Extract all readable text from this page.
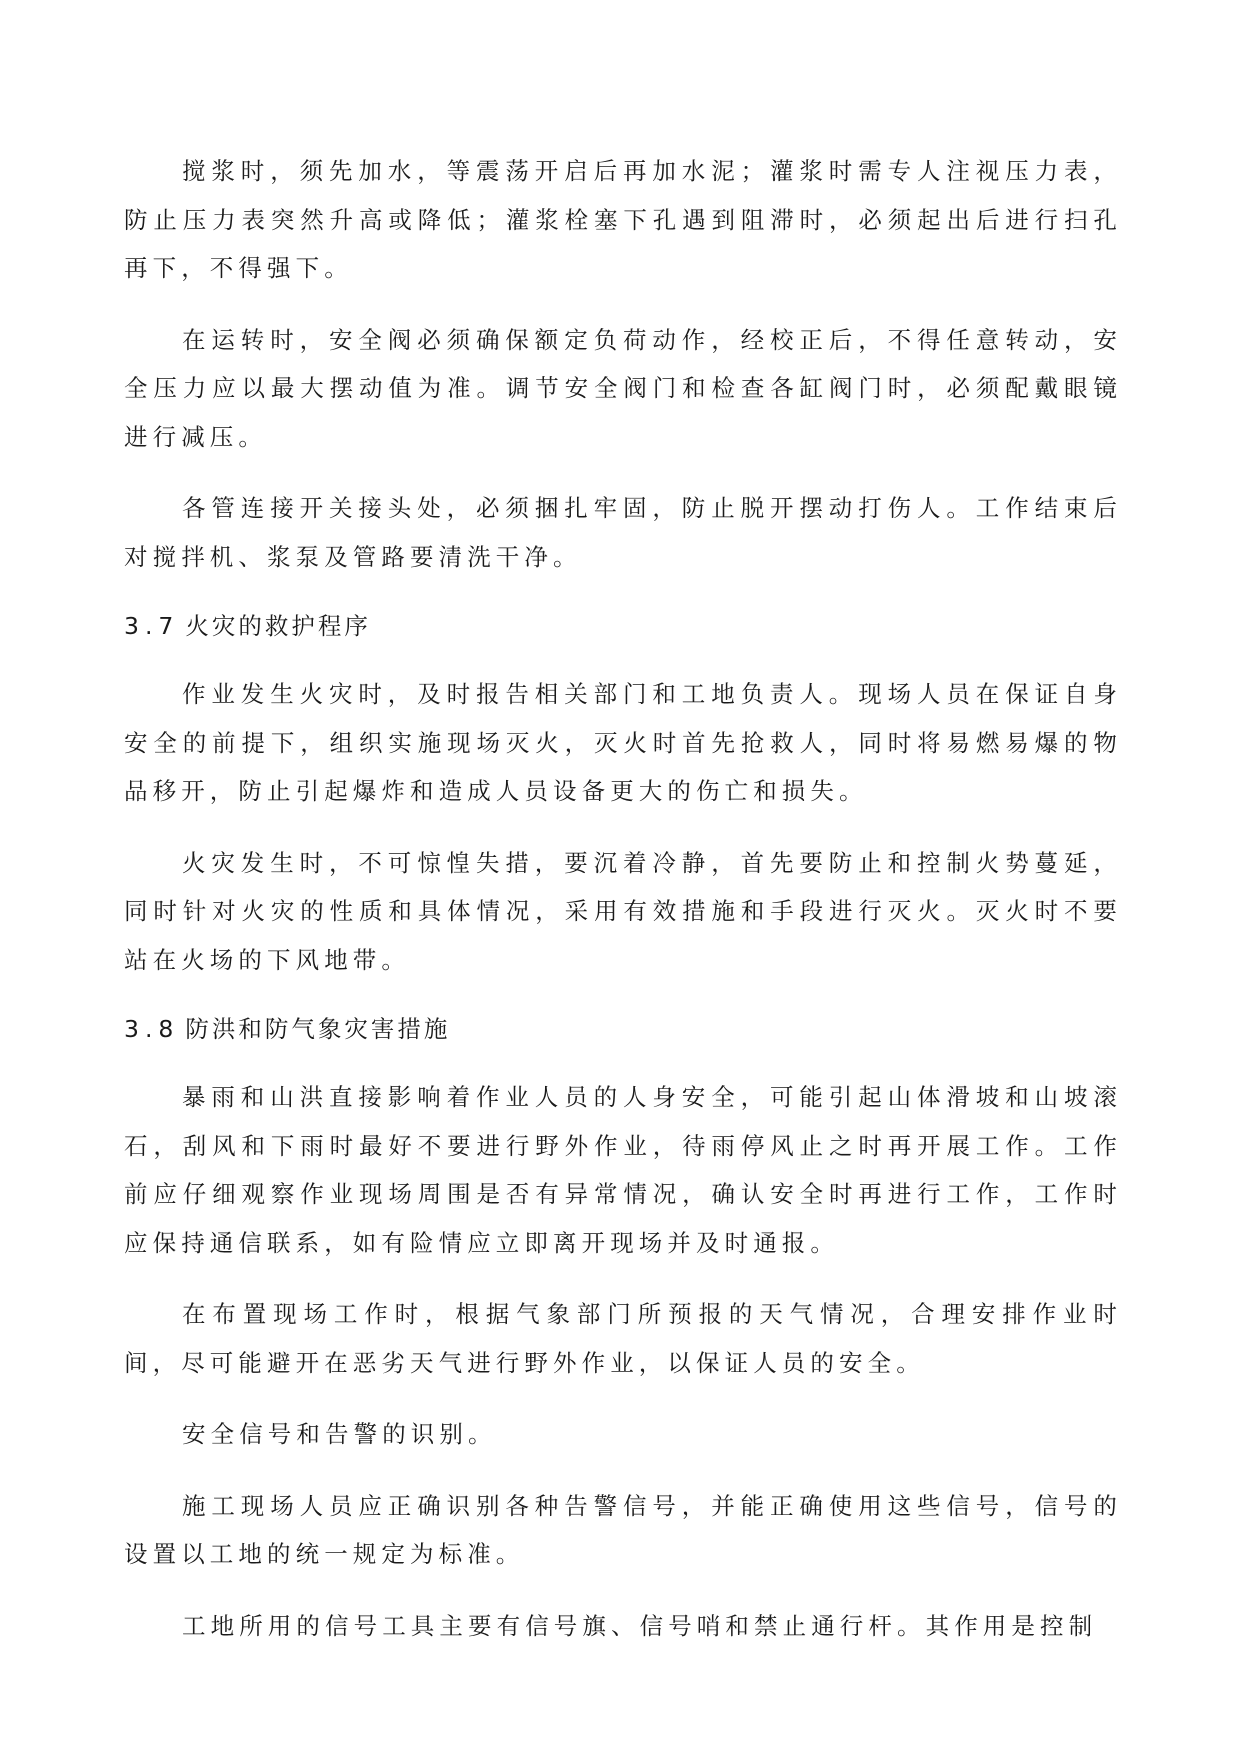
搅浆时，须先加水，等震荡开启后再加水泥；灌浆时需专人注视压力表，防止压力表突然升高或降低；灌浆栓塞下孔遇到阻滞时，必须起出后进行扫孔再下，不得强下。

在运转时，安全阀必须确保额定负荷动作，经校正后，不得任意转动，安全压力应以最大摆动值为准。调节安全阀门和检查各缸阀门时，必须配戴眼镜进行减压。

各管连接开关接头处，必须捆扎牢固，防止脱开摆动打伤人。工作结束后对搅拌机、浆泵及管路要清洗干净。

3.7 火灾的救护程序

作业发生火灾时，及时报告相关部门和工地负责人。现场人员在保证自身安全的前提下，组织实施现场灭火，灭火时首先抢救人，同时将易燃易爆的物品移开，防止引起爆炸和造成人员设备更大的伤亡和损失。

火灾发生时，不可惊惶失措，要沉着冷静，首先要防止和控制火势蔓延，同时针对火灾的性质和具体情况，采用有效措施和手段进行灭火。灭火时不要站在火场的下风地带。

3.8 防洪和防气象灾害措施

暴雨和山洪直接影响着作业人员的人身安全，可能引起山体滑坡和山坡滚石，刮风和下雨时最好不要进行野外作业，待雨停风止之时再开展工作。工作前应仔细观察作业现场周围是否有异常情况，确认安全时再进行工作，工作时应保持通信联系，如有险情应立即离开现场并及时通报。

在布置现场工作时，根据气象部门所预报的天气情况，合理安排作业时间，尽可能避开在恶劣天气进行野外作业，以保证人员的安全。

安全信号和告警的识别。

施工现场人员应正确识别各种告警信号，并能正确使用这些信号，信号的设置以工地的统一规定为标准。

工地所用的信号工具主要有信号旗、信号哨和禁止通行杆。其作用是控制
